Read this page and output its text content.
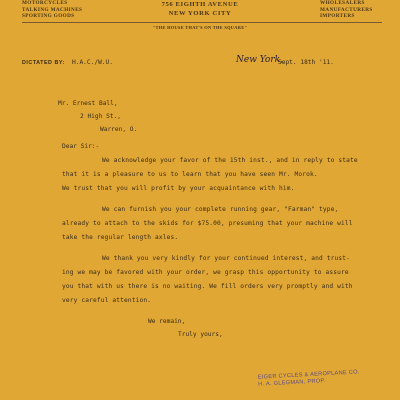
MOTORCYCLES
TALKING MACHINES
SPORTING GOODS
756 EIGHTH AVENUE
NEW YORK CITY
"THE HOUSE THAT'S ON THE SQUARE"
WHOLESALERS
MANUFACTURERS
IMPORTERS
DICTATED BY: H.A.C./W.U.	New York,
Sept. 18th '11.
Mr. Ernest Ball,
2 High St.,
Warren, O.
Dear Sir:-
We acknowledge your favor of the 15th inst., and in reply to state
that it is a pleasure to us to learn that you have seen Mr. Morok.
We trust that you will profit by your acquaintance with him.
We can furnish you your complete running gear, "Farman" type,
already to attach to the skids for $75.00, presuming that your machine will
take the regular length axles.
We thank you very kindly for your continued interest, and trust-
ing we may be favored with your order, we grasp this opportunity to assure
you that with us there is no waiting. We fill orders very promptly and with
very careful attention.
We remain,
Truly yours,
EIGER CYCLES & AEROPLANE CO.
H. A. GLEGMAN, PROP.
